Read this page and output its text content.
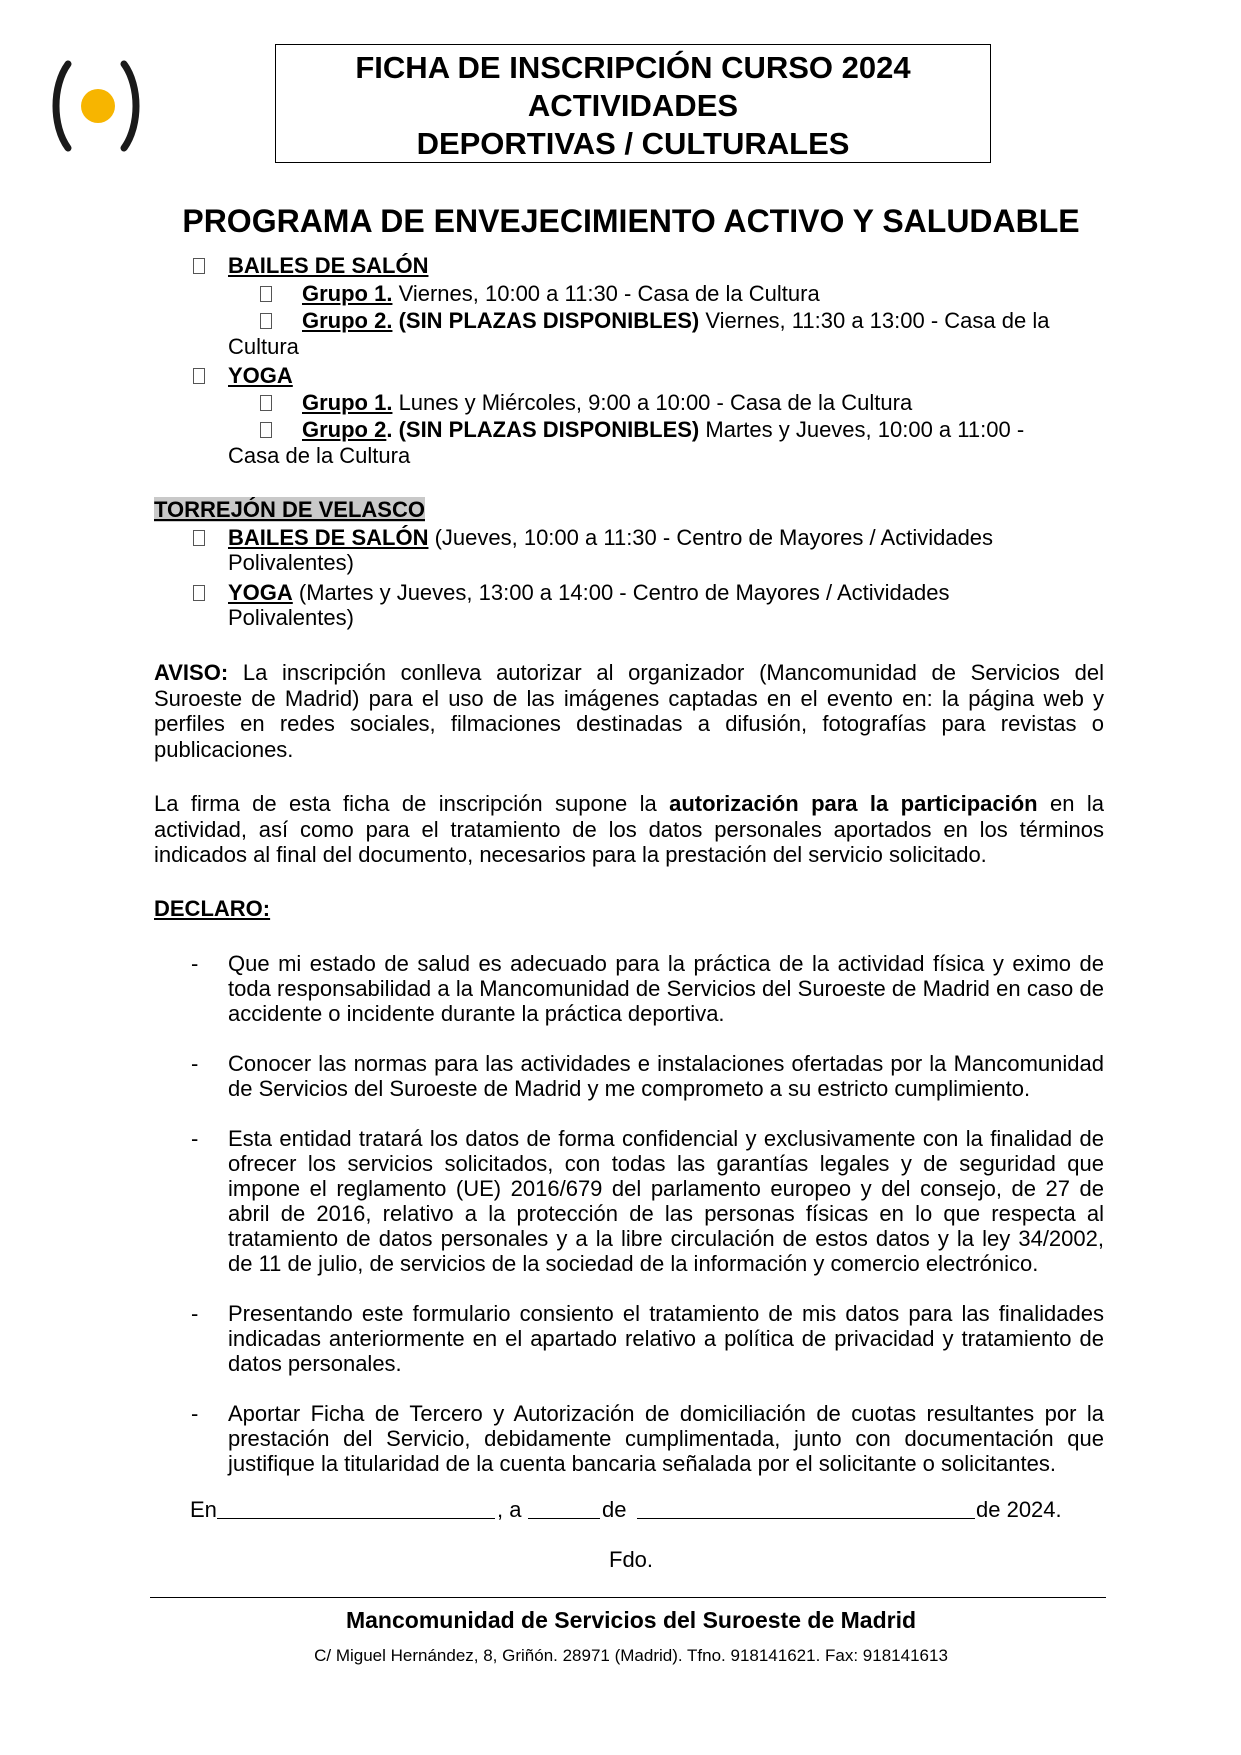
FICHA DE INSCRIPCIÓN CURSO 2024
ACTIVIDADES
DEPORTIVAS / CULTURALES
PROGRAMA DE ENVEJECIMIENTO ACTIVO Y SALUDABLE
BAILES DE SALÓN
Grupo 1. Viernes, 10:00 a 11:30 - Casa de la Cultura
Grupo 2. (SIN PLAZAS DISPONIBLES) Viernes, 11:30 a 13:00 - Casa de la
Cultura
YOGA
Grupo 1. Lunes y Miércoles, 9:00 a 10:00 - Casa de la Cultura
Grupo 2. (SIN PLAZAS DISPONIBLES) Martes y Jueves, 10:00 a 11:00 -
Casa de la Cultura
TORREJÓN DE VELASCO
BAILES DE SALÓN (Jueves, 10:00 a 11:30 - Centro de Mayores / Actividades
Polivalentes)
YOGA (Martes y Jueves, 13:00 a 14:00 - Centro de Mayores / Actividades
Polivalentes)
AVISO: La inscripción conlleva autorizar al organizador (Mancomunidad de Servicios del Suroeste de Madrid) para el uso de las imágenes captadas en el evento en: la página web y perfiles en redes sociales, filmaciones destinadas a difusión, fotografías para revistas o publicaciones.
La firma de esta ficha de inscripción supone la autorización para la participación en la actividad, así como para el tratamiento de los datos personales aportados en los términos indicados al final del documento, necesarios para la prestación del servicio solicitado.
DECLARO:
- Que mi estado de salud es adecuado para la práctica de la actividad física y eximo de toda responsabilidad a la Mancomunidad de Servicios del Suroeste de Madrid en caso de accidente o incidente durante la práctica deportiva.
- Conocer las normas para las actividades e instalaciones ofertadas por la Mancomunidad de Servicios del Suroeste de Madrid y me comprometo a su estricto cumplimiento.
- Esta entidad tratará los datos de forma confidencial y exclusivamente con la finalidad de ofrecer los servicios solicitados, con todas las garantías legales y de seguridad que impone el reglamento (UE) 2016/679 del parlamento europeo y del consejo, de 27 de abril de 2016, relativo a la protección de las personas físicas en lo que respecta al tratamiento de datos personales y a la libre circulación de estos datos y la ley 34/2002, de 11 de julio, de servicios de la sociedad de la información y comercio electrónico.
- Presentando este formulario consiento el tratamiento de mis datos para las finalidades indicadas anteriormente en el apartado relativo a política de privacidad y tratamiento de datos personales.
- Aportar Ficha de Tercero y Autorización de domiciliación de cuotas resultantes por la prestación del Servicio, debidamente cumplimentada, junto con documentación que justifique la titularidad de la cuenta bancaria señalada por el solicitante o solicitantes.
En	, a	de	de 2024.
Fdo.
Mancomunidad de Servicios del Suroeste de Madrid
C/ Miguel Hernández, 8, Griñón. 28971 (Madrid). Tfno. 918141621. Fax: 918141613
